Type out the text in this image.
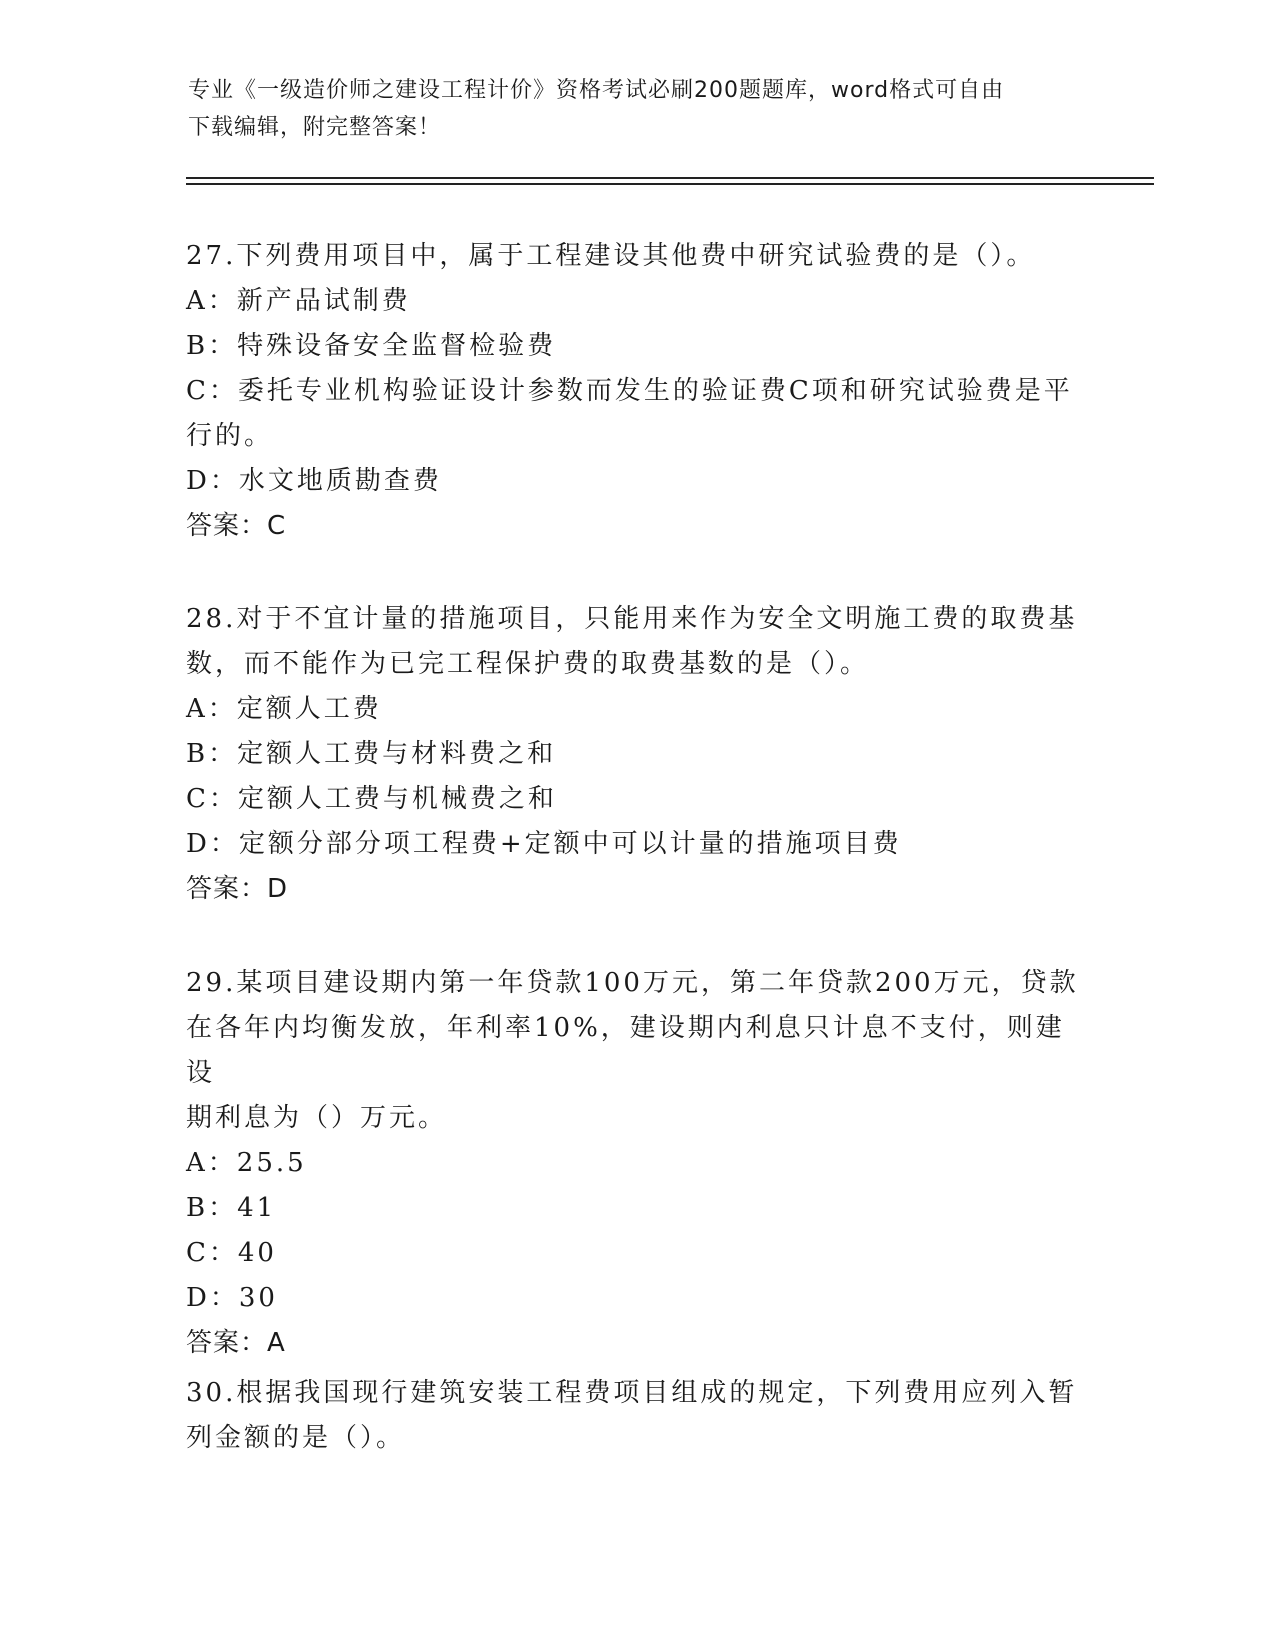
专业《一级造价师之建设工程计价》资格考试必刷200题题库，word格式可自由
下载编辑，附完整答案！
27.下列费用项目中，属于工程建设其他费中研究试验费的是（）。
A：新产品试制费
B：特殊设备安全监督检验费
C：委托专业机构验证设计参数而发生的验证费C项和研究试验费是平
行的。
D：水文地质勘查费
答案：C
28.对于不宜计量的措施项目，只能用来作为安全文明施工费的取费基
数，而不能作为已完工程保护费的取费基数的是（）。
A：定额人工费
B：定额人工费与材料费之和
C：定额人工费与机械费之和
D：定额分部分项工程费+定额中可以计量的措施项目费
答案：D
29.某项目建设期内第一年贷款100万元，第二年贷款200万元，贷款
在各年内均衡发放，年利率10%，建设期内利息只计息不支付，则建设
期利息为（）万元。
A：25.5
B：41
C：40
D：30
答案：A
30.根据我国现行建筑安装工程费项目组成的规定，下列费用应列入暂
列金额的是（）。
